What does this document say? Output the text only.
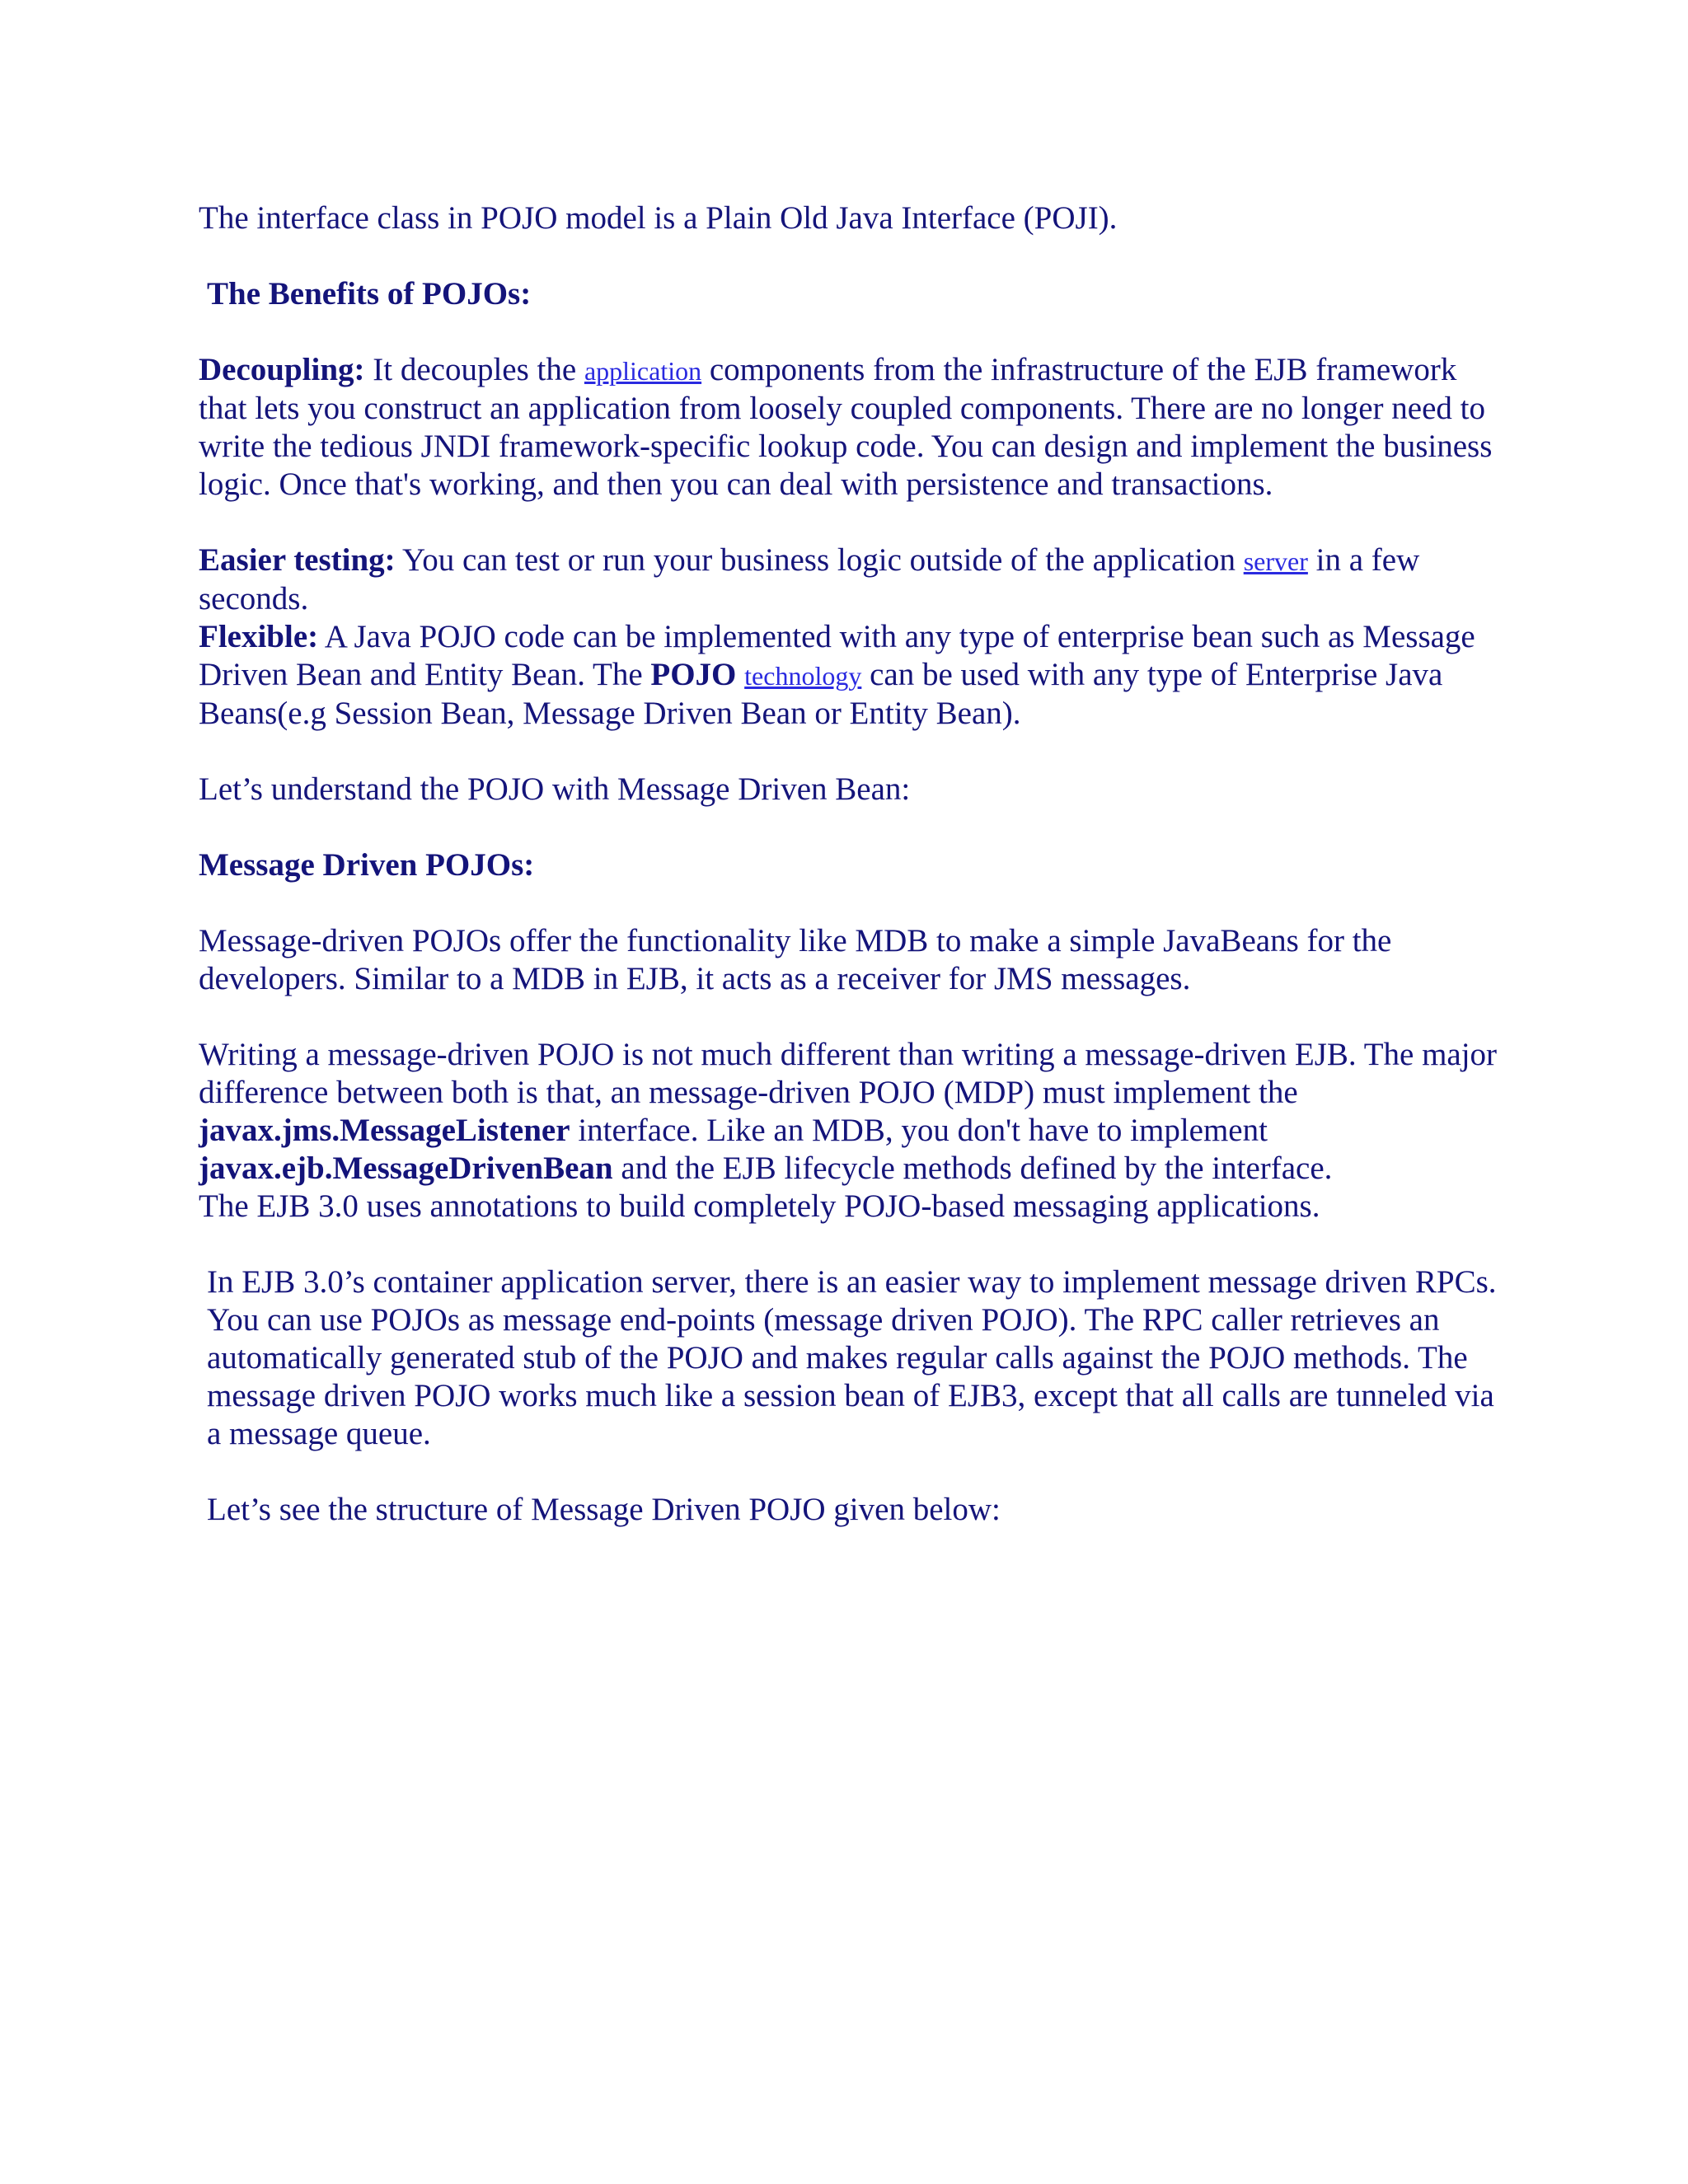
The interface class in POJO model is a Plain Old Java Interface (POJI).

The Benefits of POJOs:

Decoupling: It decouples the application components from the infrastructure of the EJB framework that lets you construct an application from loosely coupled components. There are no longer need to write the tedious JNDI framework-specific lookup code. You can design and implement the business logic. Once that's working, and then you can deal with persistence and transactions.

Easier testing: You can test or run your business logic outside of the application server in a few seconds.

Flexible: A Java POJO code can be implemented with any type of enterprise bean such as Message Driven Bean and Entity Bean. The POJO technology can be used with any type of Enterprise Java Beans(e.g Session Bean, Message Driven Bean or Entity Bean).

Let’s understand the POJO with Message Driven Bean:

Message Driven POJOs:

Message-driven POJOs offer the functionality like MDB to make a simple JavaBeans for the developers. Similar to a MDB in EJB, it acts as a receiver for JMS messages.

Writing a message-driven POJO is not much different than writing a message-driven EJB. The major difference between both is that, an message-driven POJO (MDP) must implement the javax.jms.MessageListener interface. Like an MDB, you don't have to implement javax.ejb.MessageDrivenBean and the EJB lifecycle methods defined by the interface.

The EJB 3.0 uses annotations to build completely POJO-based messaging applications.

In EJB 3.0’s container application server, there is an easier way to implement message driven RPCs. You can use POJOs as message end-points (message driven POJO). The RPC caller retrieves an automatically generated stub of the POJO and makes regular calls against the POJO methods. The message driven POJO works much like a session bean of EJB3, except that all calls are tunneled via a message queue.

Let’s see the structure of Message Driven POJO given below:
